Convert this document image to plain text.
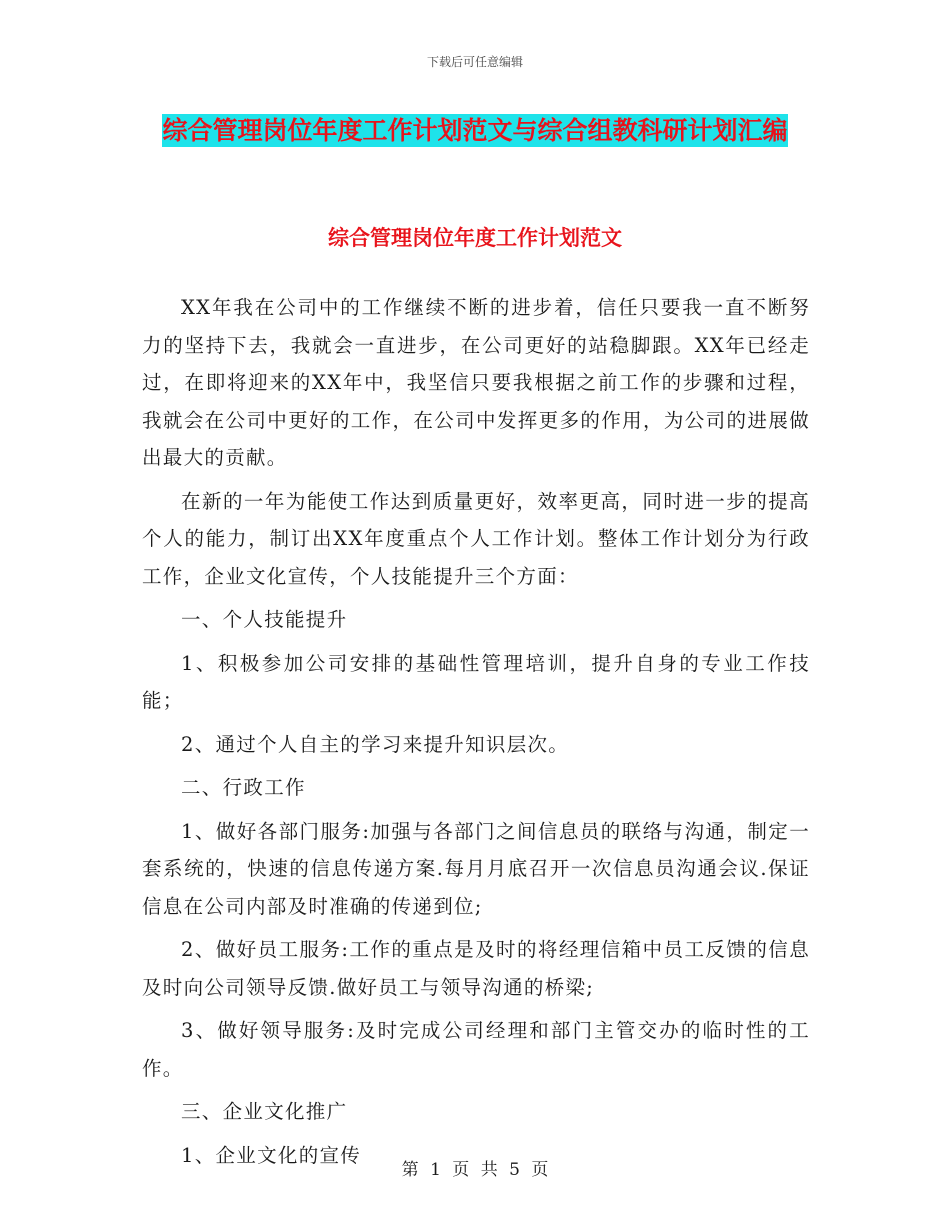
下载后可任意编辑
综合管理岗位年度工作计划范文与综合组教科研计划汇编
综合管理岗位年度工作计划范文

XX年我在公司中的工作继续不断的进步着，信任只要我一直不断努力的坚持下去，我就会一直进步，在公司更好的站稳脚跟。XX年已经走过，在即将迎来的XX年中，我坚信只要我根据之前工作的步骤和过程，我就会在公司中更好的工作，在公司中发挥更多的作用，为公司的进展做出最大的贡献。

在新的一年为能使工作达到质量更好，效率更高，同时进一步的提高个人的能力，制订出XX年度重点个人工作计划。整体工作计划分为行政工作，企业文化宣传，个人技能提升三个方面：

一、个人技能提升

1、积极参加公司安排的基础性管理培训，提升自身的专业工作技能；

2、通过个人自主的学习来提升知识层次。

二、行政工作

1、做好各部门服务:加强与各部门之间信息员的联络与沟通，制定一套系统的，快速的信息传递方案.每月月底召开一次信息员沟通会议.保证信息在公司内部及时准确的传递到位;

2、做好员工服务:工作的重点是及时的将经理信箱中员工反馈的信息及时向公司领导反馈.做好员工与领导沟通的桥梁;

3、做好领导服务:及时完成公司经理和部门主管交办的临时性的工作。

三、企业文化推广

1、企业文化的宣传

第 1 页 共 5 页
